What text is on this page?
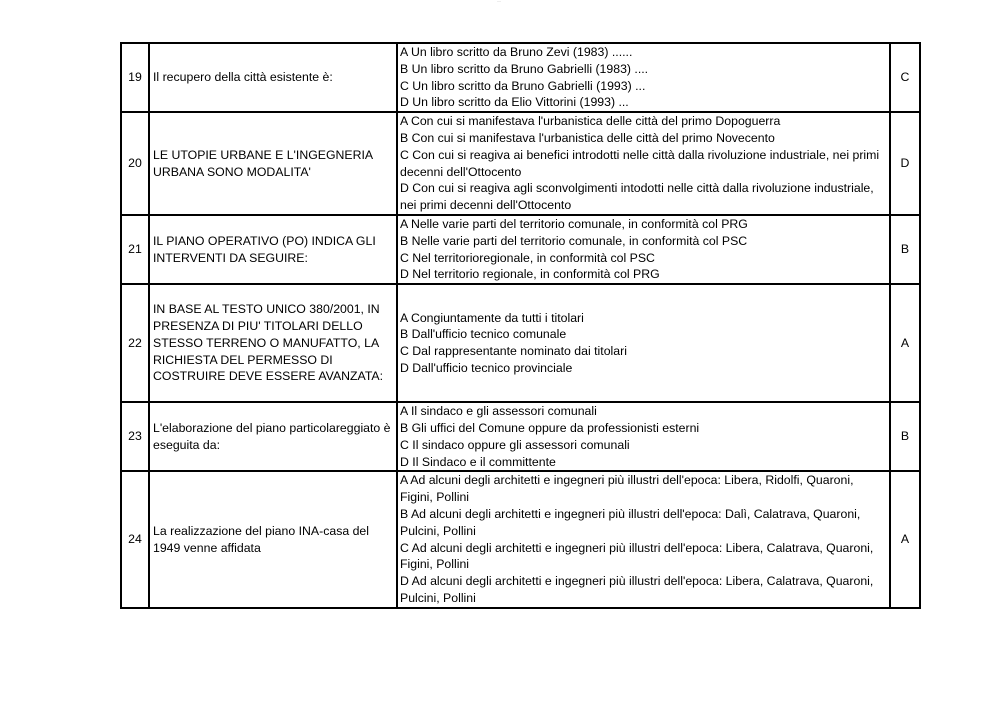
—
19	Il recupero della città esistente è:	A Un libro scritto da Bruno Zevi (1983) ......
B Un libro scritto da Bruno Gabrielli (1983) ....
C Un libro scritto da Bruno Gabrielli (1993) ...
D Un libro scritto da Elio Vittorini (1993) ...	C
20	LE UTOPIE URBANE E L'INGEGNERIA URBANA SONO MODALITA'	A Con cui si manifestava l'urbanistica delle città del primo Dopoguerra
B Con cui si manifestava l'urbanistica delle città del primo Novecento
C Con cui si reagiva ai benefici introdotti nelle città dalla rivoluzione industriale, nei primi decenni dell'Ottocento
D Con cui si reagiva agli sconvolgimenti intodotti nelle città dalla rivoluzione industriale, nei primi decenni dell'Ottocento	D
21	IL PIANO OPERATIVO (PO) INDICA GLI INTERVENTI DA SEGUIRE:	A Nelle varie parti del territorio comunale, in conformità col PRG
B Nelle varie parti del territorio comunale, in conformità col PSC
C Nel territorioregionale, in conformità col PSC
D Nel territorio regionale, in conformità col PRG	B
22	IN BASE AL TESTO UNICO 380/2001, IN PRESENZA DI PIU' TITOLARI DELLO STESSO TERRENO O MANUFATTO, LA RICHIESTA DEL PERMESSO DI COSTRUIRE DEVE ESSERE AVANZATA:	A Congiuntamente da tutti i titolari
B Dall'ufficio tecnico comunale
C Dal rappresentante nominato dai titolari
D Dall'ufficio tecnico provinciale	A
23	L'elaborazione del piano particolareggiato è eseguita da:	A Il sindaco e gli assessori comunali
B Gli uffici del Comune oppure da professionisti esterni
C Il sindaco oppure gli assessori comunali
D Il Sindaco e il committente	B
24	La realizzazione del piano INA-casa del 1949 venne affidata	A Ad alcuni degli architetti e ingegneri più illustri dell'epoca: Libera, Ridolfi, Quaroni, Figini, Pollini
B Ad alcuni degli architetti e ingegneri più illustri dell'epoca: Dalì, Calatrava, Quaroni, Pulcini, Pollini
C Ad alcuni degli architetti e ingegneri più illustri dell'epoca: Libera, Calatrava, Quaroni, Figini, Pollini
D Ad alcuni degli architetti e ingegneri più illustri dell'epoca: Libera, Calatrava, Quaroni, Pulcini, Pollini	A
